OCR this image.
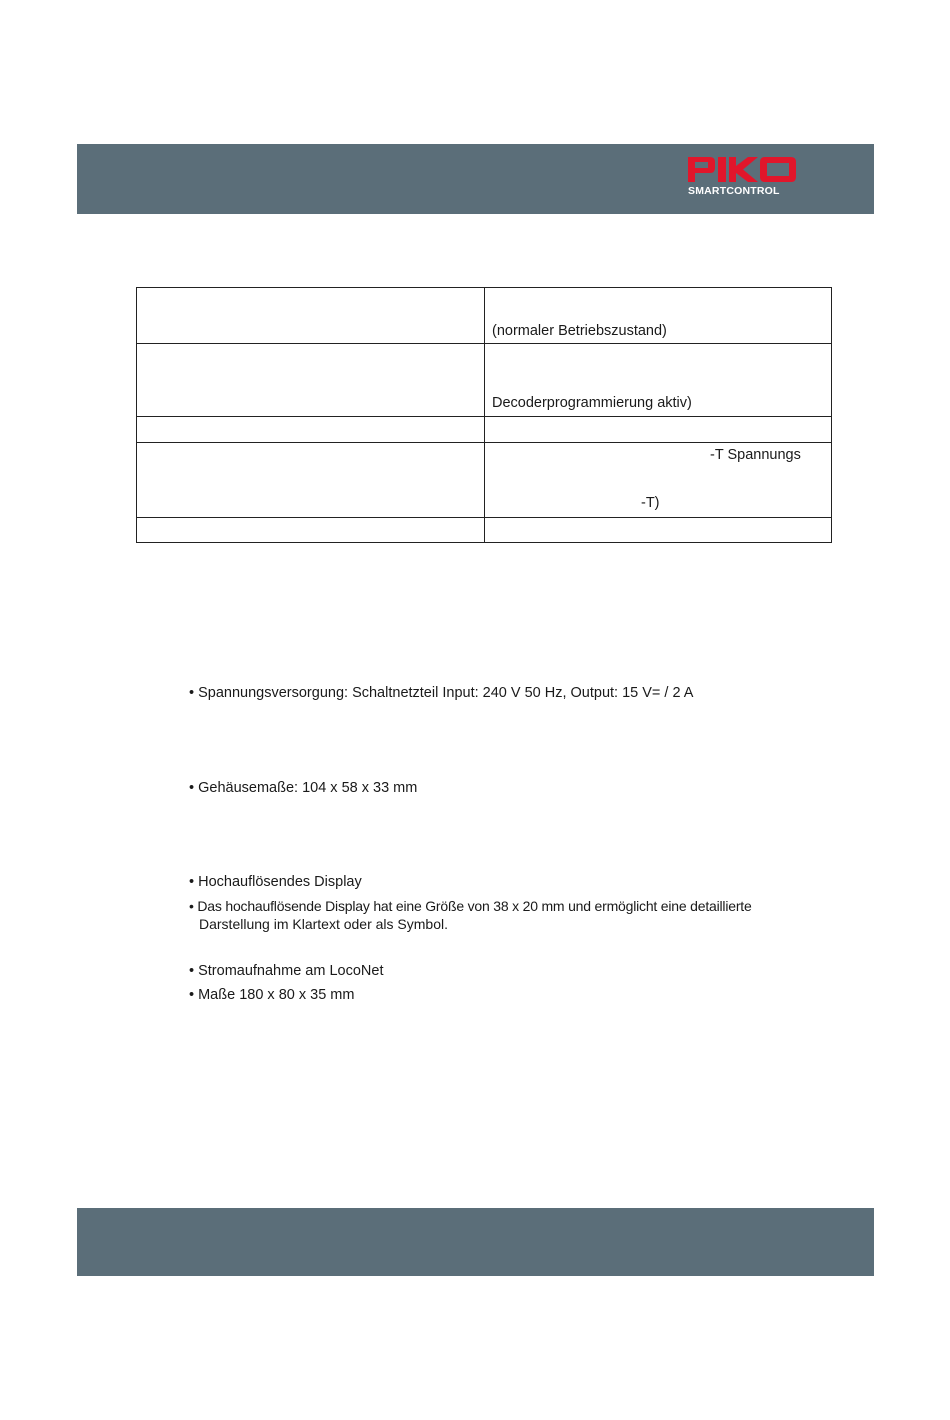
SMARTCONTROL

	(normaler Betriebszustand)

	Decoderprogrammierung aktiv)

	-T Spannungs
-T)

• Spannungsversorgung: Schaltnetzteil Input: 240 V 50 Hz, Output: 15 V= / 2 A
• Gehäusemaße: 104 x 58 x 33 mm
• Hochauflösendes Display
• Das hochauflösende Display hat eine Größe von 38 x 20 mm und ermöglicht eine detaillierte
Darstellung im Klartext oder als Symbol.
• Stromaufnahme am LocoNet
• Maße 180 x 80 x 35 mm
